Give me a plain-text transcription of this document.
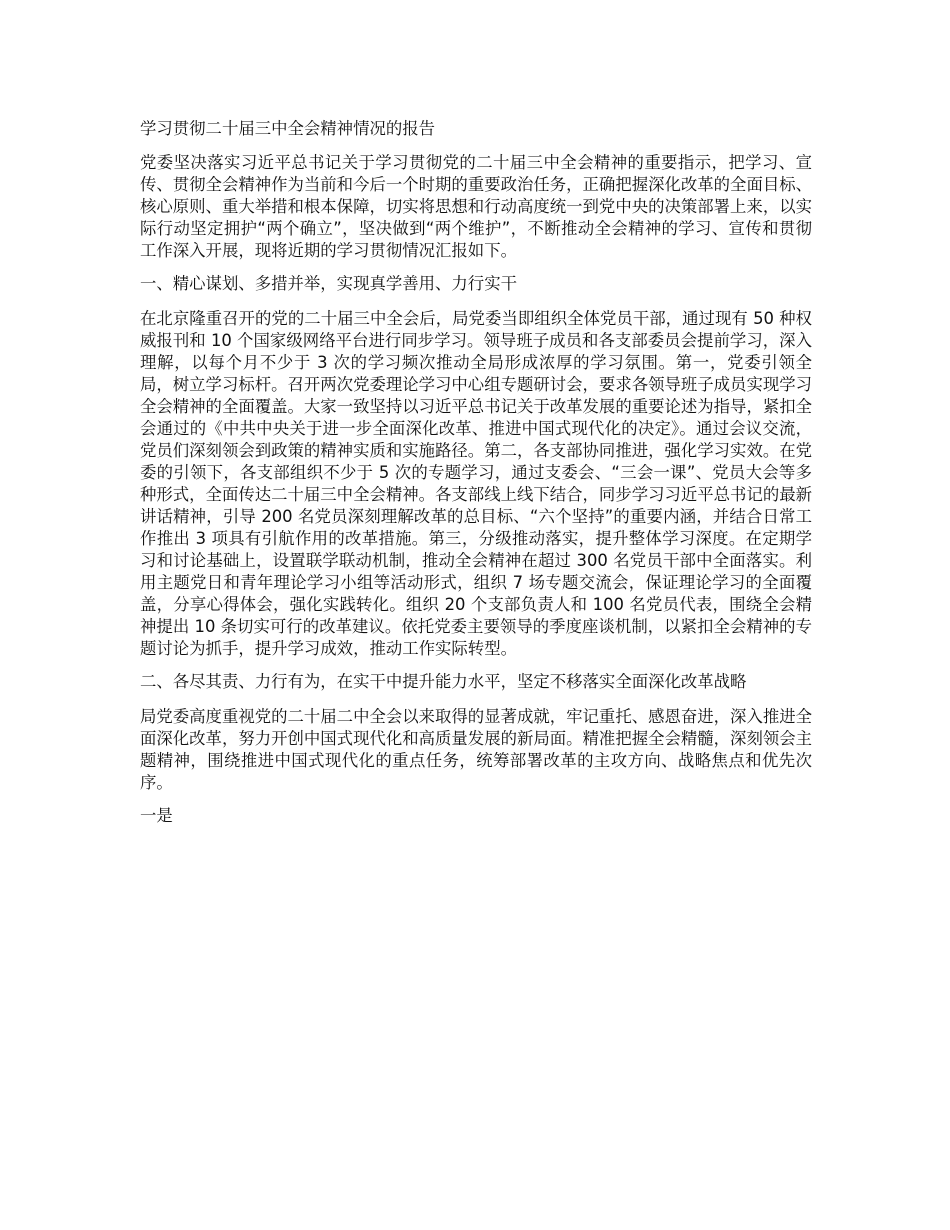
学习贯彻二十届三中全会精神情况的报告

党委坚决落实习近平总书记关于学习贯彻党的二十届三中全会精神的重要指示，把学习、宣传、贯彻全会精神作为当前和今后一个时期的重要政治任务，正确把握深化改革的全面目标、核心原则、重大举措和根本保障，切实将思想和行动高度统一到党中央的决策部署上来，以实际行动坚定拥护“两个确立”，坚决做到“两个维护”，不断推动全会精神的学习、宣传和贯彻工作深入开展，现将近期的学习贯彻情况汇报如下。

一、精心谋划、多措并举，实现真学善用、力行实干

在北京隆重召开的党的二十届三中全会后，局党委当即组织全体党员干部，通过现有 50 种权威报刊和 10 个国家级网络平台进行同步学习。领导班子成员和各支部委员会提前学习，深入理解，以每个月不少于 3 次的学习频次推动全局形成浓厚的学习氛围。第一，党委引领全局，树立学习标杆。召开两次党委理论学习中心组专题研讨会，要求各领导班子成员实现学习全会精神的全面覆盖。大家一致坚持以习近平总书记关于改革发展的重要论述为指导，紧扣全会通过的《中共中央关于进一步全面深化改革、推进中国式现代化的决定》。通过会议交流，党员们深刻领会到政策的精神实质和实施路径。第二，各支部协同推进，强化学习实效。在党委的引领下，各支部组织不少于 5 次的专题学习，通过支委会、“三会一课”、党员大会等多种形式，全面传达二十届三中全会精神。各支部线上线下结合，同步学习习近平总书记的最新讲话精神，引导 200 名党员深刻理解改革的总目标、“六个坚持”的重要内涵，并结合日常工作推出 3 项具有引航作用的改革措施。第三，分级推动落实，提升整体学习深度。在定期学习和讨论基础上，设置联学联动机制，推动全会精神在超过 300 名党员干部中全面落实。利用主题党日和青年理论学习小组等活动形式，组织 7 场专题交流会，保证理论学习的全面覆盖，分享心得体会，强化实践转化。组织 20 个支部负责人和 100 名党员代表，围绕全会精神提出 10 条切实可行的改革建议。依托党委主要领导的季度座谈机制，以紧扣全会精神的专题讨论为抓手，提升学习成效，推动工作实际转型。

二、各尽其责、力行有为，在实干中提升能力水平，坚定不移落实全面深化改革战略

局党委高度重视党的二十届二中全会以来取得的显著成就，牢记重托、感恩奋进，深入推进全面深化改革，努力开创中国式现代化和高质量发展的新局面。精准把握全会精髓，深刻领会主题精神，围绕推进中国式现代化的重点任务，统筹部署改革的主攻方向、战略焦点和优先次序。

一是
